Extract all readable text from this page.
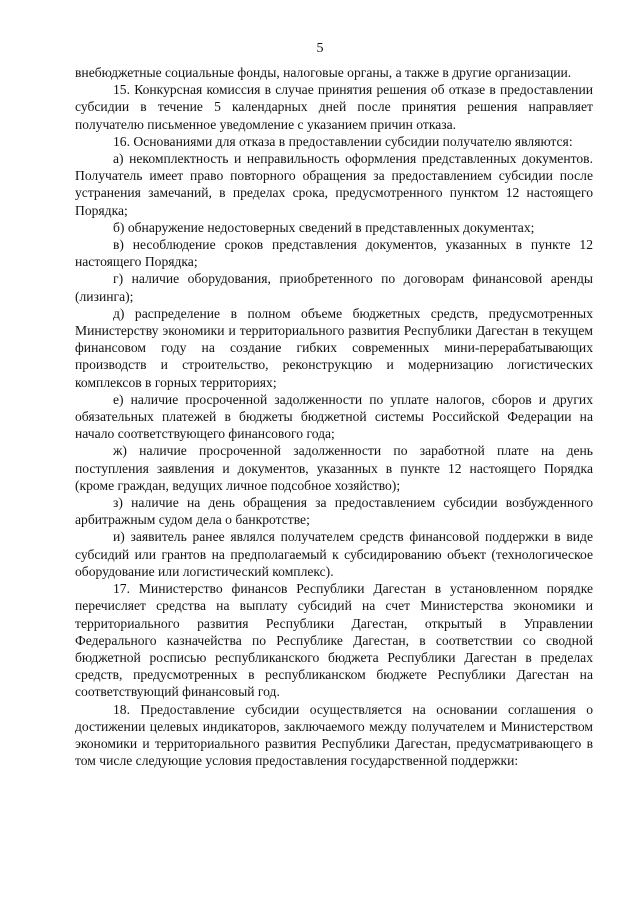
5

внебюджетные социальные фонды, налоговые органы, а также в другие организации.

15. Конкурсная комиссия в случае принятия решения об отказе в предоставлении субсидии в течение 5 календарных дней после принятия решения направляет получателю письменное уведомление с указанием причин отказа.

16. Основаниями для отказа в предоставлении субсидии получателю являются:

а) некомплектность и неправильность оформления представленных документов. Получатель имеет право повторного обращения за предоставлением субсидии после устранения замечаний, в пределах срока, предусмотренного пунктом 12 настоящего Порядка;

б) обнаружение недостоверных сведений в представленных документах;

в) несоблюдение сроков представления документов, указанных в пункте 12 настоящего Порядка;

г) наличие оборудования, приобретенного по договорам финансовой аренды (лизинга);

д) распределение в полном объеме бюджетных средств, предусмотренных Министерству экономики и территориального развития Республики Дагестан в текущем финансовом году на создание гибких современных мини-перерабатывающих производств и строительство, реконструкцию и модернизацию логистических комплексов в горных территориях;

е) наличие просроченной задолженности по уплате налогов, сборов и других обязательных платежей в бюджеты бюджетной системы Российской Федерации на начало соответствующего финансового года;

ж) наличие просроченной задолженности по заработной плате на день поступления заявления и документов, указанных в пункте 12 настоящего Порядка (кроме граждан, ведущих личное подсобное хозяйство);

з) наличие на день обращения за предоставлением субсидии возбужденного арбитражным судом дела о банкротстве;

и) заявитель ранее являлся получателем средств финансовой поддержки в виде субсидий или грантов на предполагаемый к субсидированию объект (технологическое оборудование или логистический комплекс).

17. Министерство финансов Республики Дагестан в установленном порядке перечисляет средства на выплату субсидий на счет Министерства экономики и территориального развития Республики Дагестан, открытый в Управлении Федерального казначейства по Республике Дагестан, в соответствии со сводной бюджетной росписью республиканского бюджета Республики Дагестан в пределах средств, предусмотренных в республиканском бюджете Республики Дагестан на соответствующий финансовый год.

18. Предоставление субсидии осуществляется на основании соглашения о достижении целевых индикаторов, заключаемого между получателем и Министерством экономики и территориального развития Республики Дагестан, предусматривающего в том числе следующие условия предоставления государственной поддержки:
